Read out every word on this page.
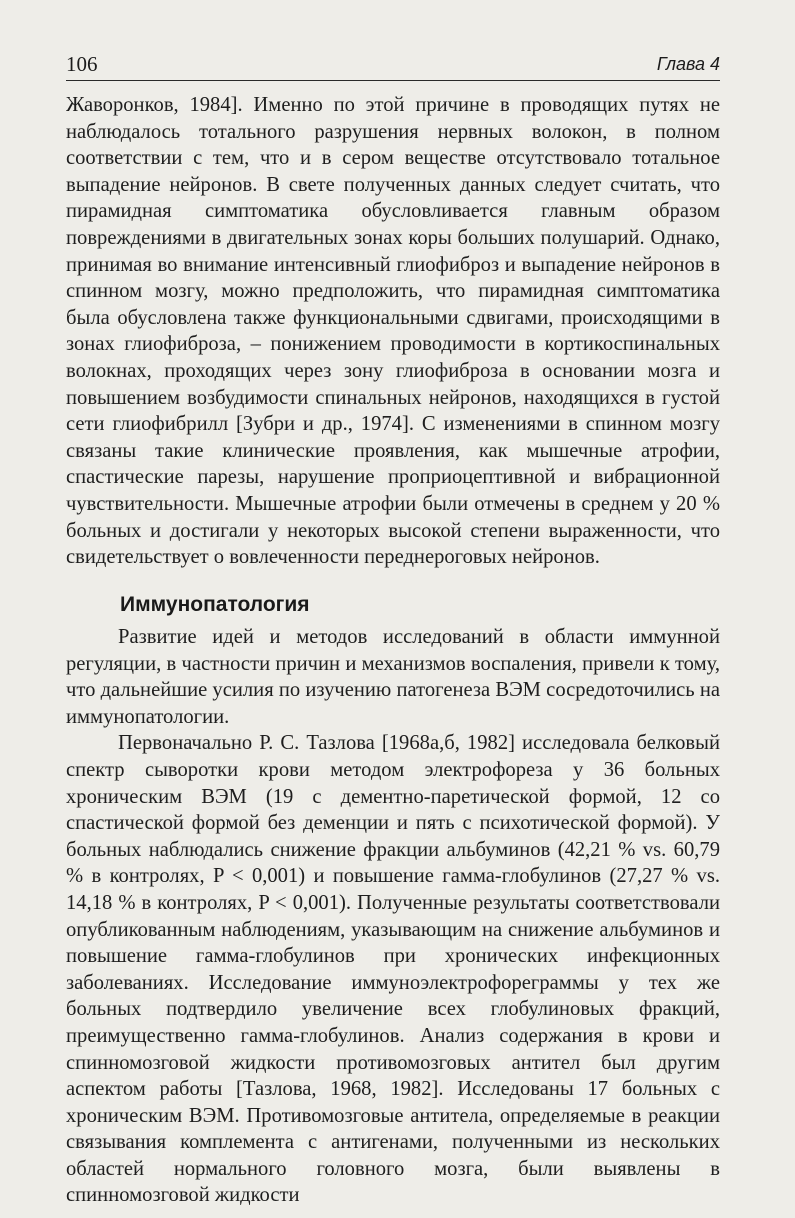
106	Глава 4

Жаворонков, 1984]. Именно по этой причине в проводящих путях не наблюдалось тотального разрушения нервных волокон, в полном соответствии с тем, что и в сером веществе отсутствовало тотальное выпадение нейронов. В свете полученных данных следует считать, что пирамидная симптоматика обусловливается главным образом повреждениями в двигательных зонах коры больших полушарий. Однако, принимая во внимание интенсивный глиофиброз и выпадение нейронов в спинном мозгу, можно предположить, что пирамидная симптоматика была обусловлена также функциональными сдвигами, происходящими в зонах глиофиброза, – понижением проводимости в кортикоспинальных волокнах, проходящих через зону глиофиброза в основании мозга и повышением возбудимости спинальных нейронов, находящихся в густой сети глиофибрилл [Зубри и др., 1974]. С изменениями в спинном мозгу связаны такие клинические проявления, как мышечные атрофии, спастические парезы, нарушение проприоцептивной и вибрационной чувствительности. Мышечные атрофии были отмечены в среднем у 20 % больных и достигали у некоторых высокой степени выраженности, что свидетельствует о вовлеченности переднероговых нейронов.

Иммунопатология

Развитие идей и методов исследований в области иммунной регуляции, в частности причин и механизмов воспаления, привели к тому, что дальнейшие усилия по изучению патогенеза ВЭМ сосредоточились на иммунопатологии.

Первоначально Р. С. Тазлова [1968а,б, 1982] исследовала белковый спектр сыворотки крови методом электрофореза у 36 больных хроническим ВЭМ (19 с дементно-паретической формой, 12 со спастической формой без деменции и пять с психотической формой). У больных наблюдались снижение фракции альбуминов (42,21 % vs. 60,79 % в контролях, P < 0,001) и повышение гамма-глобулинов (27,27 % vs. 14,18 % в контролях, P < 0,001). Полученные результаты соответствовали опубликованным наблюдениям, указывающим на снижение альбуминов и повышение гамма-глобулинов при хронических инфекционных заболеваниях. Исследование иммуноэлектрофореграммы у тех же больных подтвердило увеличение всех глобулиновых фракций, преимущественно гамма-глобулинов. Анализ содержания в крови и спинномозговой жидкости противомозговых антител был другим аспектом работы [Тазлова, 1968, 1982]. Исследованы 17 больных с хроническим ВЭМ. Противомозговые антитела, определяемые в реакции связывания комплемента с антигенами, полученными из нескольких областей нормального головного мозга, были выявлены в спинномозговой жидкости
